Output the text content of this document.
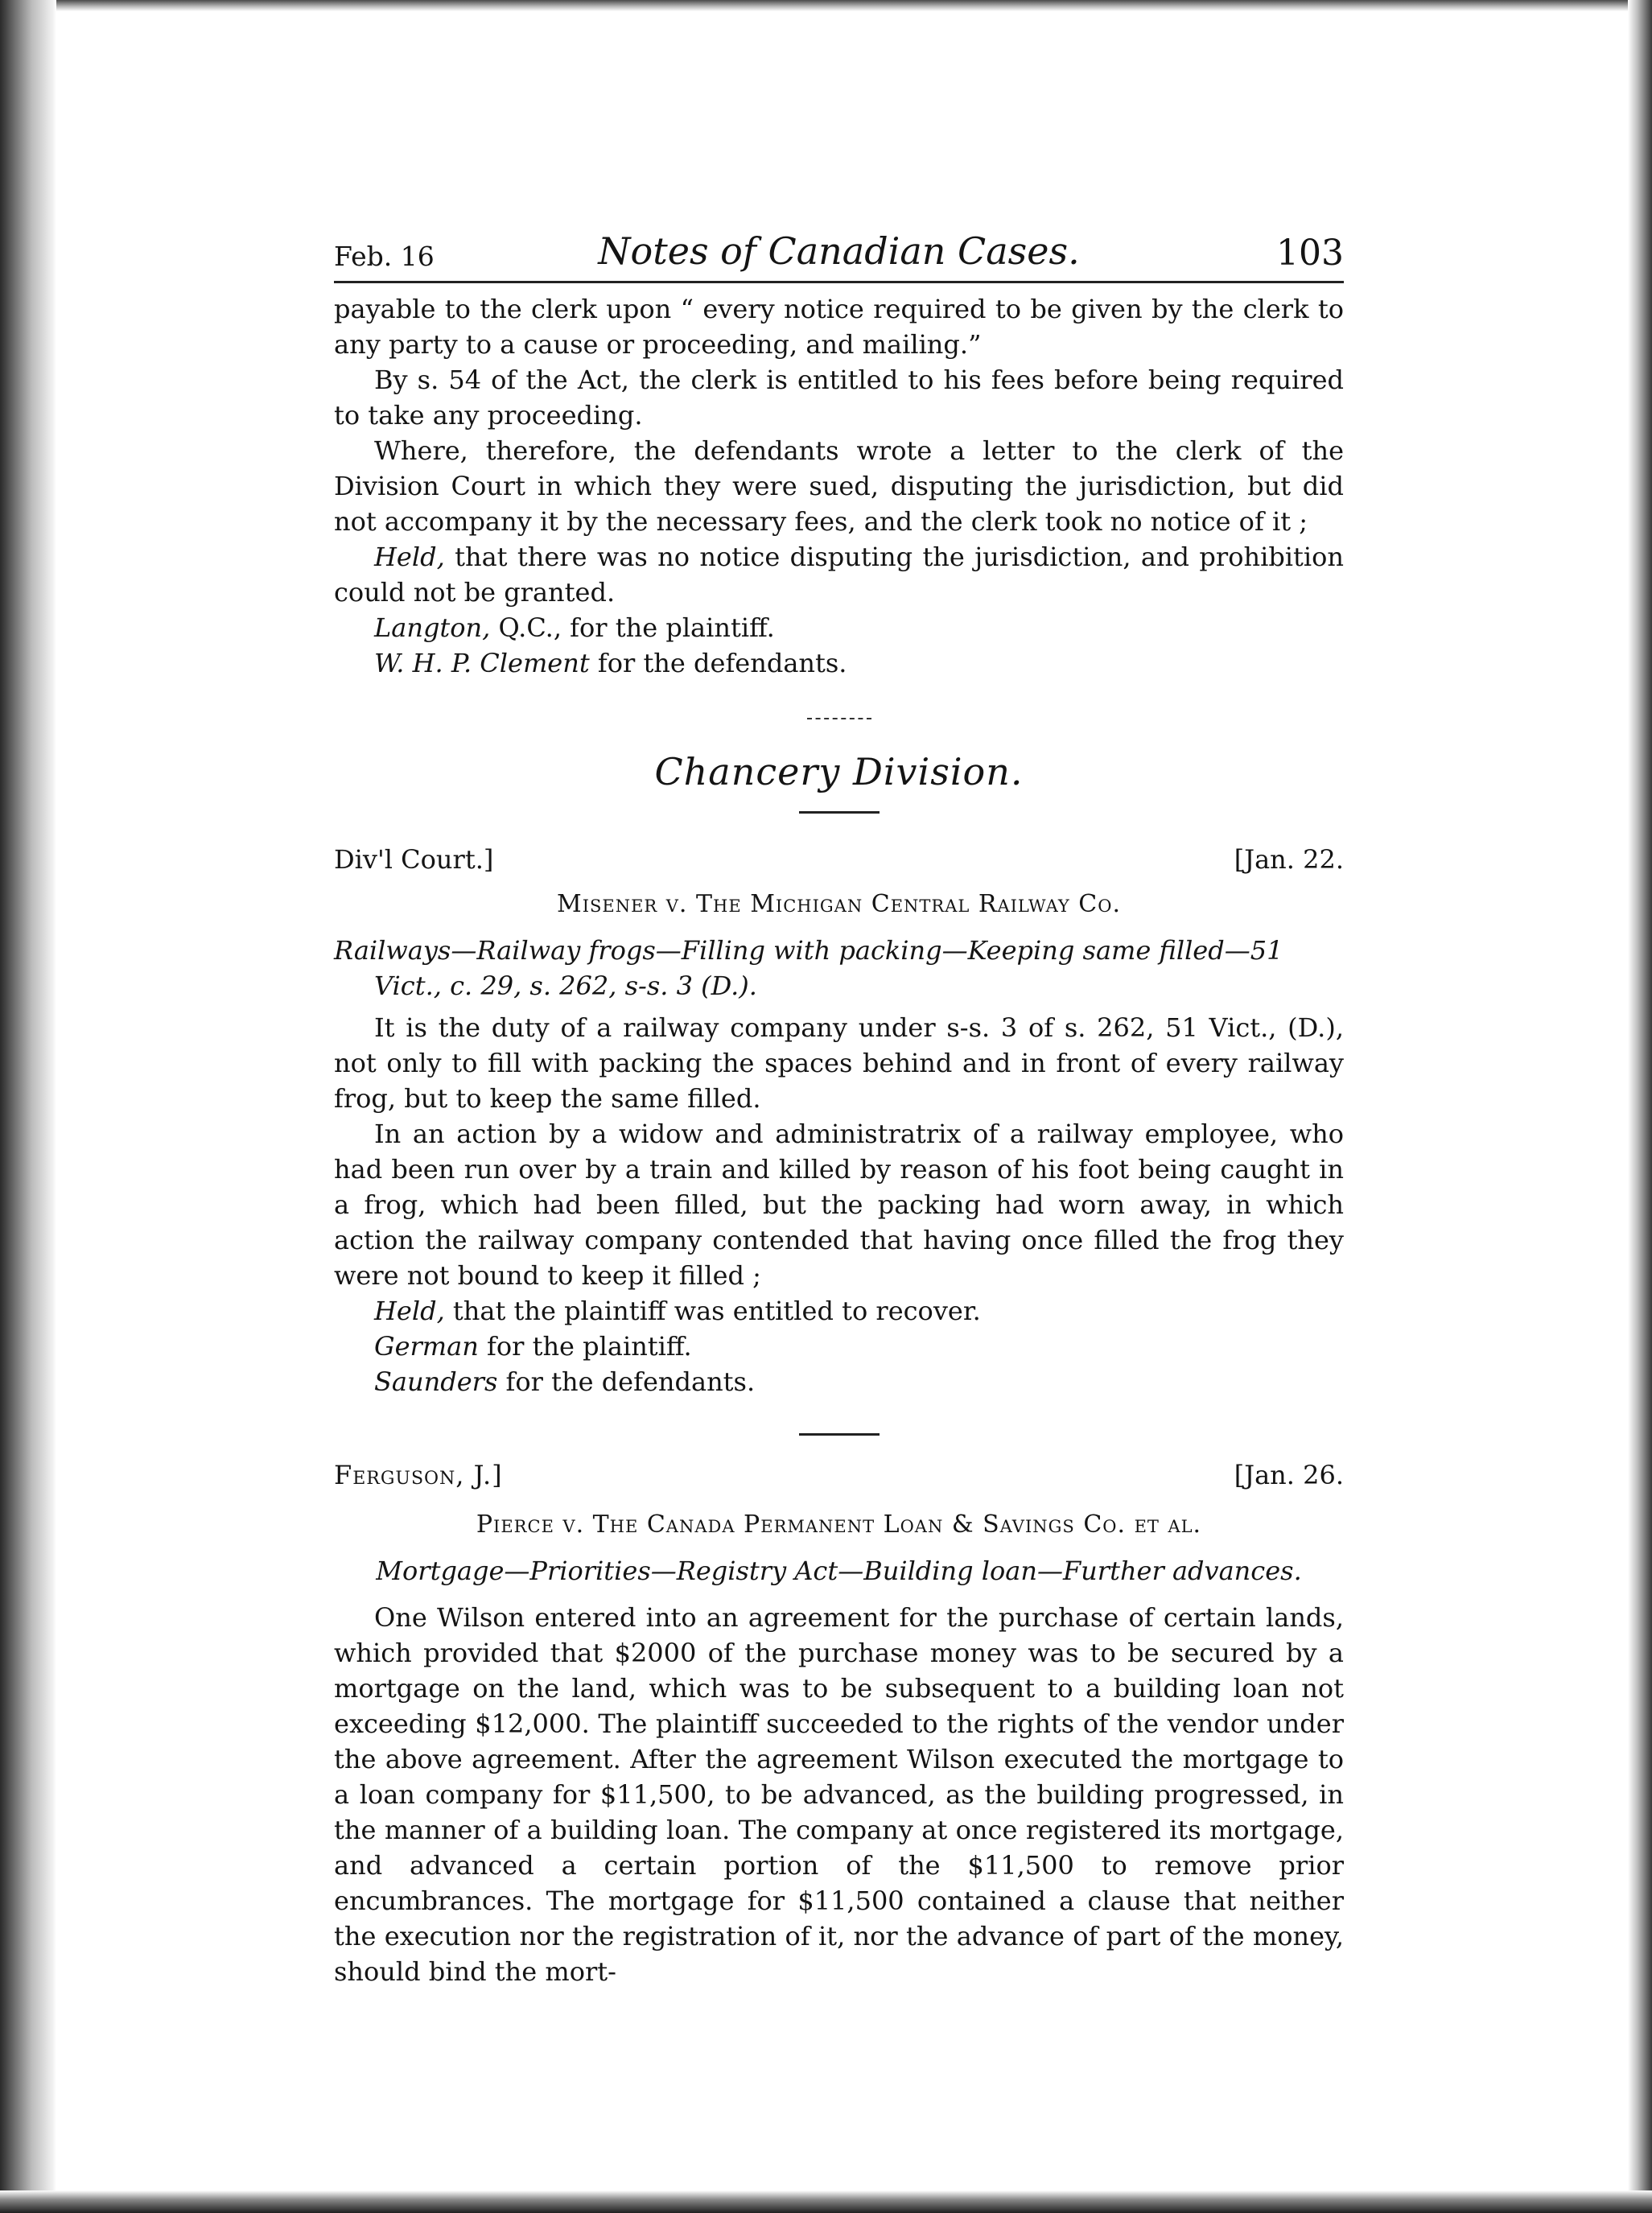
Feb. 16	Notes of Canadian Cases.	103

payable to the clerk upon “ every notice required to be given by the clerk to any party to a cause or proceeding, and mailing.”

By s. 54 of the Act, the clerk is entitled to his fees before being required to take any proceeding.

Where, therefore, the defendants wrote a letter to the clerk of the Division Court in which they were sued, disputing the jurisdiction, but did not accompany it by the necessary fees, and the clerk took no notice of it ;

Held, that there was no notice disputing the jurisdiction, and prohibition could not be granted.

Langton, Q.C., for the plaintiff.

W. H. P. Clement for the defendants.

Chancery Division.
Div'l Court.]	[Jan. 22.
Misener v. The Michigan Central Railway Co.
Railways—Railway frogs—Filling with packing—Keeping same filled—51 Vict., c. 29, s. 262, s-s. 3 (D.).

It is the duty of a railway company under s-s. 3 of s. 262, 51 Vict., (D.), not only to fill with packing the spaces behind and in front of every railway frog, but to keep the same filled.

In an action by a widow and administratrix of a railway employee, who had been run over by a train and killed by reason of his foot being caught in a frog, which had been filled, but the packing had worn away, in which action the railway company contended that having once filled the frog they were not bound to keep it filled ;

Held, that the plaintiff was entitled to recover.

German for the plaintiff.

Saunders for the defendants.

Ferguson, J.]	[Jan. 26.
Pierce v. The Canada Permanent Loan & Savings Co. et al.
Mortgage—Priorities—Registry Act—Building loan—Further advances.

One Wilson entered into an agreement for the purchase of certain lands, which provided that $2000 of the purchase money was to be secured by a mortgage on the land, which was to be subsequent to a building loan not exceeding $12,000. The plaintiff succeeded to the rights of the vendor under the above agreement. After the agreement Wilson executed the mortgage to a loan company for $11,500, to be advanced, as the building progressed, in the manner of a building loan. The company at once registered its mortgage, and advanced a certain portion of the $11,500 to remove prior encumbrances. The mortgage for $11,500 contained a clause that neither the execution nor the registration of it, nor the advance of part of the money, should bind the mort-
